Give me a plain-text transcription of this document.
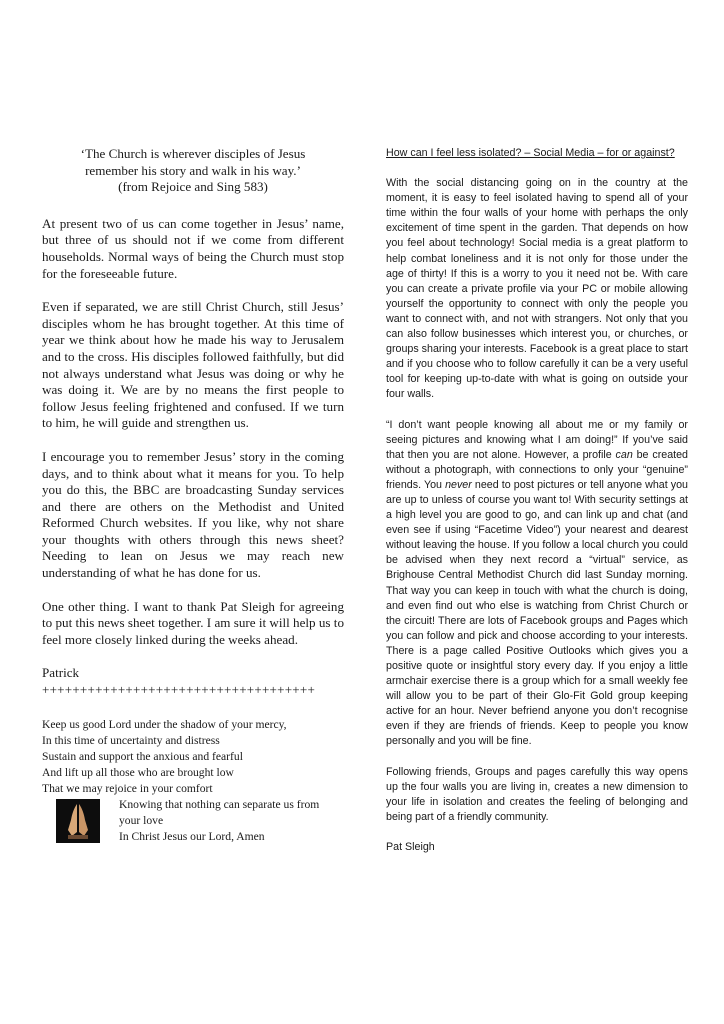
‘The Church is wherever disciples of Jesus
remember his story and walk in his way.’
(from Rejoice and Sing 583)

At present two of us can come together in Jesus’ name, but three of us should not if we come from different households. Normal ways of being the Church must stop for the foreseeable future.

Even if separated, we are still Christ Church, still Jesus’ disciples whom he has brought together. At this time of year we think about how he made his way to Jerusalem and to the cross. His disciples followed faithfully, but did not always understand what Jesus was doing or why he was doing it. We are by no means the first people to follow Jesus feeling frightened and confused. If we turn to him, he will guide and strengthen us.

I encourage you to remember Jesus’ story in the coming days, and to think about what it means for you. To help you do this, the BBC are broadcasting Sunday services and there are others on the Methodist and United Reformed Church websites. If you like, why not share your thoughts with others through this news sheet? Needing to lean on Jesus we may reach new understanding of what he has done for us.

One other thing. I want to thank Pat Sleigh for agreeing to put this news sheet together. I am sure it will help us to feel more closely linked during the weeks ahead.

Patrick

++++++++++++++++++++++++++++++++++++

Keep us good Lord under the shadow of your mercy,
In this time of uncertainty and distress
Sustain and support the anxious and fearful
And lift up all those who are brought low
That we may rejoice in your comfort
Knowing that nothing can separate us from
your love
In Christ Jesus our Lord, Amen

How can I feel less isolated? – Social Media – for or against?

With the social distancing going on in the country at the moment, it is easy to feel isolated having to spend all of your time within the four walls of your home with perhaps the only excitement of time spent in the garden. That depends on how you feel about technology! Social media is a great platform to help combat loneliness and it is not only for those under the age of thirty! If this is a worry to you it need not be. With care you can create a private profile via your PC or mobile allowing yourself the opportunity to connect with only the people you want to connect with, and not with strangers. Not only that you can also follow businesses which interest you, or churches, or groups sharing your interests. Facebook is a great place to start and if you choose who to follow carefully it can be a very useful tool for keeping up-to-date with what is going on outside your four walls.

“I don’t want people knowing all about me or my family or seeing pictures and knowing what I am doing!” If you’ve said that then you are not alone. However, a profile can be created without a photograph, with connections to only your “genuine” friends. You never need to post pictures or tell anyone what you are up to unless of course you want to! With security settings at a high level you are good to go, and can link up and chat (and even see if using “Facetime Video”) your nearest and dearest without leaving the house. If you follow a local church you could be advised when they next record a “virtual” service, as Brighouse Central Methodist Church did last Sunday morning. That way you can keep in touch with what the church is doing, and even find out who else is watching from Christ Church or the circuit! There are lots of Facebook groups and Pages which you can follow and pick and choose according to your interests. There is a page called Positive Outlooks which gives you a positive quote or insightful story every day. If you enjoy a little armchair exercise there is a group which for a small weekly fee will allow you to be part of their Glo-Fit Gold group keeping active for an hour. Never befriend anyone you don’t recognise even if they are friends of friends. Keep to people you know personally and you will be fine.

Following friends, Groups and pages carefully this way opens up the four walls you are living in, creates a new dimension to your life in isolation and creates the feeling of belonging and being part of a friendly community.

Pat Sleigh
